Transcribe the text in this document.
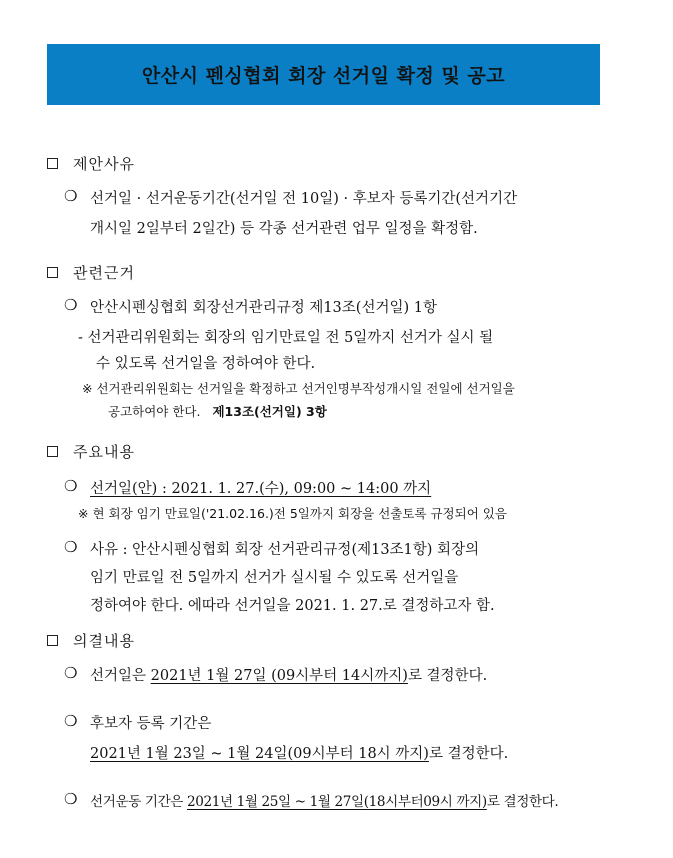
안산시 펜싱협회 회장 선거일 확정 및 공고
제안사유
❍ 선거일 · 선거운동기간(선거일 전 10일) · 후보자 등록기간(선거기간
개시일 2일부터 2일간) 등 각종 선거관련 업무 일정을 확정함.
관련근거
❍ 안산시펜싱협회 회장선거관리규정 제13조(선거일) 1항
- 선거관리위원회는 회장의 임기만료일 전 5일까지 선거가 실시 될
수 있도록 선거일을 정하여야 한다.
※ 선거관리위원회는 선거일을 확정하고 선거인명부작성개시일 전일에 선거일을
공고하여야 한다. 제13조(선거일) 3항
주요내용
❍ 선거일(안) : 2021. 1. 27.(수), 09:00 ~ 14:00 까지
※ 현 회장 임기 만료일('21.02.16.)전 5일까지 회장을 선출토록 규정되어 있음
❍ 사유 : 안산시펜싱협회 회장 선거관리규정(제13조1항) 회장의
임기 만료일 전 5일까지 선거가 실시될 수 있도록 선거일을
정하여야 한다. 에따라 선거일을 2021. 1. 27.로 결정하고자 함.
의결내용
❍ 선거일은 2021년 1월 27일 (09시부터 14시까지)로 결정한다.
❍ 후보자 등록 기간은
2021년 1월 23일 ~ 1월 24일(09시부터 18시 까지)로 결정한다.
❍ 선거운동 기간은 2021년 1월 25일 ~ 1월 27일(18시부터09시 까지)로 결정한다.
